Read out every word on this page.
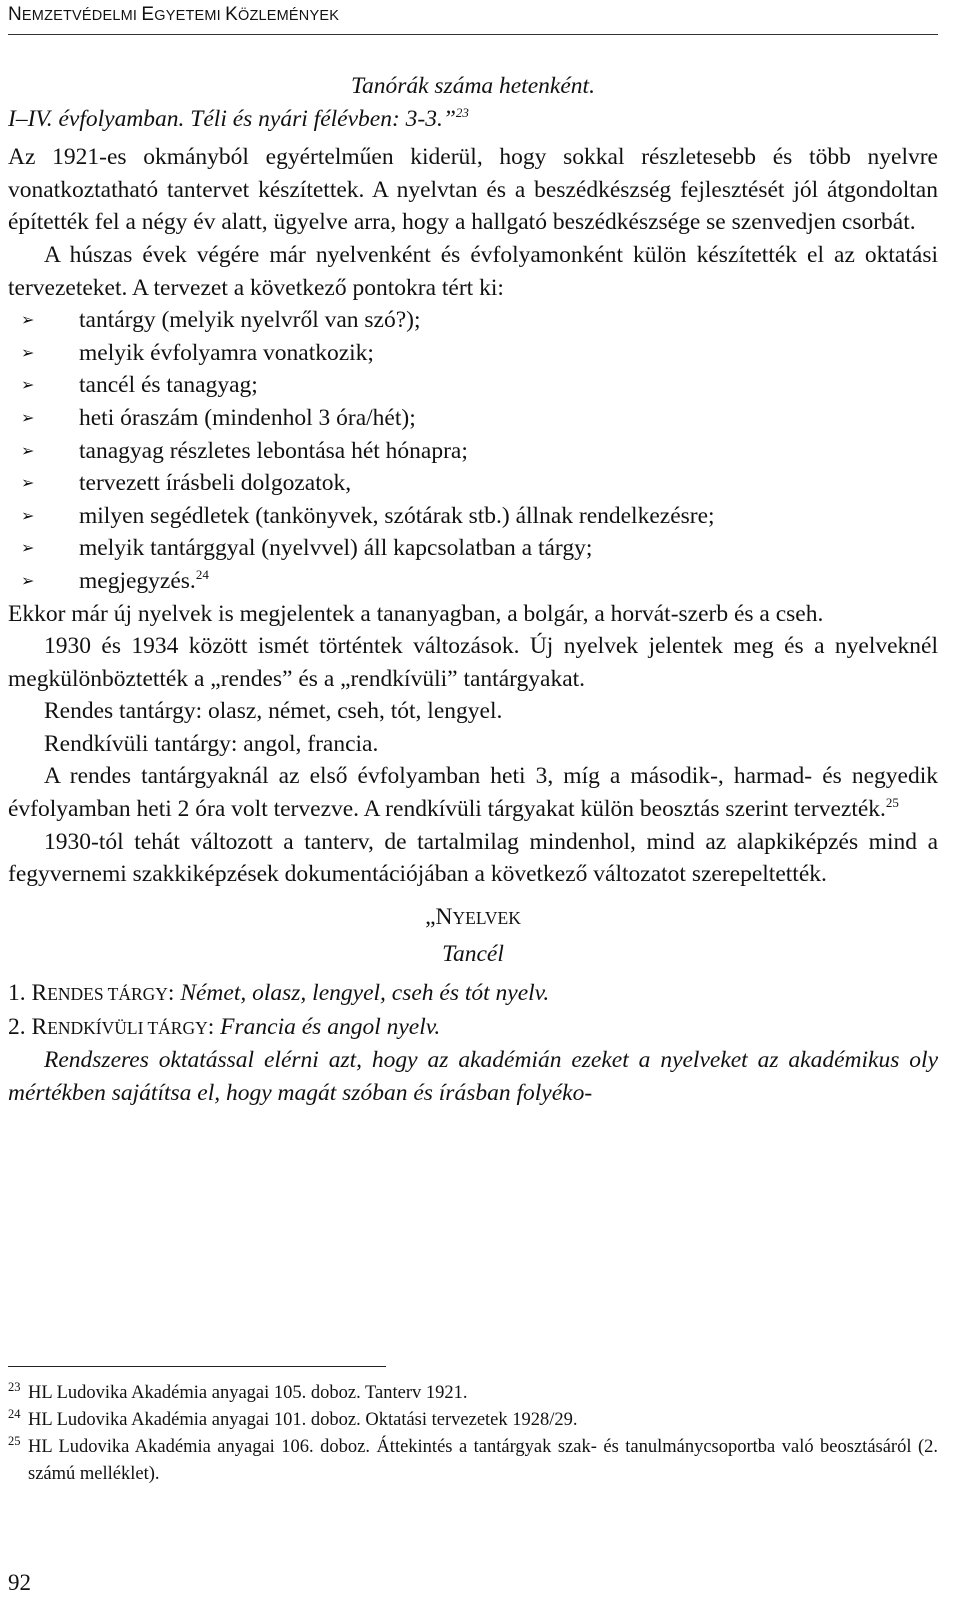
NEMZETVÉDELMI EGYETEMI KÖZLEMÉNYEK

Tanórák száma hetenként.

I–IV. évfolyamban. Téli és nyári félévben: 3-3.”$^{23}$

Az 1921-es okmányból egyértelműen kiderül, hogy sokkal részletesebb és több nyelvre vonatkoztatható tantervet készítettek. A nyelvtan és a beszédkészség fejlesztését jól átgondoltan építették fel a négy év alatt, ügyelve arra, hogy a hallgató beszédkészsége se szenvedjen csorbát.

A húszas évek végére már nyelvenként és évfolyamonként külön készítették el az oktatási tervezeteket. A tervezet a következő pontokra tért ki:

➢ tantárgy (melyik nyelvről van szó?);
➢ melyik évfolyamra vonatkozik;
➢ tancél és tanagyag;
➢ heti óraszám (mindenhol 3 óra/hét);
➢ tanagyag részletes lebontása hét hónapra;
➢ tervezett írásbeli dolgozatok,
➢ milyen segédletek (tankönyvek, szótárak stb.) állnak rendelkezésre;
➢ melyik tantárggyal (nyelvvel) áll kapcsolatban a tárgy;
➢ megjegyzés.$^{24}$

Ekkor már új nyelvek is megjelentek a tananyagban, a bolgár, a horvát-szerb és a cseh.

1930 és 1934 között ismét történtek változások. Új nyelvek jelentek meg és a nyelveknél megkülönböztették a „rendes” és a „rendkívüli” tantárgyakat.

Rendes tantárgy: olasz, német, cseh, tót, lengyel.

Rendkívüli tantárgy: angol, francia.

A rendes tantárgyaknál az első évfolyamban heti 3, míg a második-, harmad- és negyedik évfolyamban heti 2 óra volt tervezve. A rendkívüli tárgyakat külön beosztás szerint tervezték.$^{25}$

1930-tól tehát változott a tanterv, de tartalmilag mindenhol, mind az alapkiképzés mind a fegyvernemi szakkiképzések dokumentációjában a következő változatot szerepeltették.

„NYELVEK

Tancél

1. RENDES TÁRGY: Német, olasz, lengyel, cseh és tót nyelv.

2. RENDKÍVÜLI TÁRGY: Francia és angol nyelv.

Rendszeres oktatással elérni azt, hogy az akadémián ezeket a nyelveket az akadémikus oly mértékben sajátítsa el, hogy magát szóban és írásban folyéko-

23 HL Ludovika Akadémia anyagai 105. doboz. Tanterv 1921.

24 HL Ludovika Akadémia anyagai 101. doboz. Oktatási tervezetek 1928/29.

25 HL Ludovika Akadémia anyagai 106. doboz. Áttekintés a tantárgyak szak- és tanulmánycsoportba való beosztásáról (2. számú melléklet).

92
